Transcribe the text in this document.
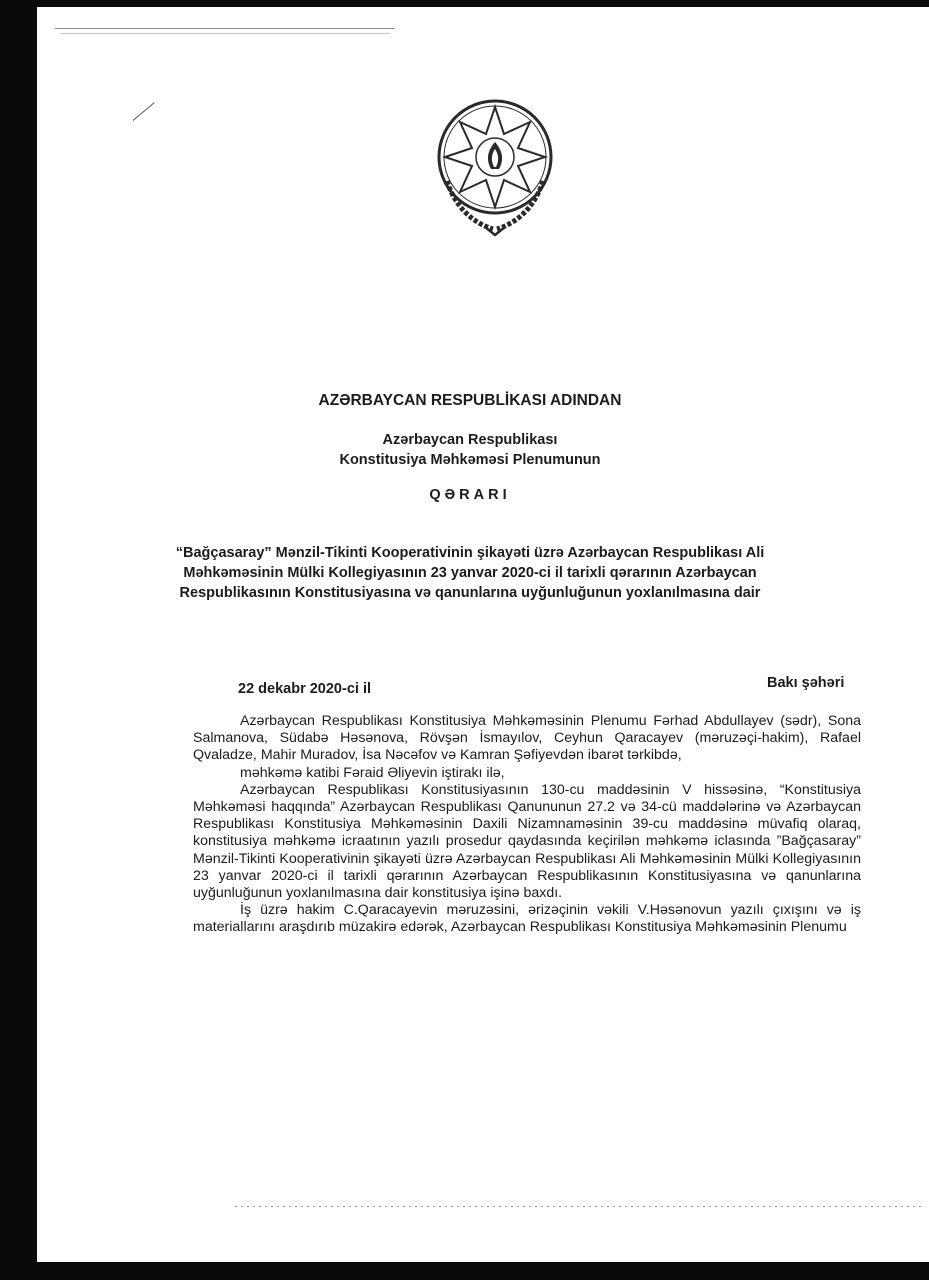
AZƏRBAYCAN RESPUBLİKASI ADINDAN
Azərbaycan Respublikası
Konstitusiya Məhkəməsi Plenumunun
QƏRARI
“Bağçasaray” Mənzil-Tikinti Kooperativinin şikayəti üzrə Azərbaycan Respublikası Ali Məhkəməsinin Mülki Kollegiyasının 23 yanvar 2020-ci il tarixli qərarının Azərbaycan Respublikasının Konstitusiyasına və qanunlarına uyğunluğunun yoxlanılmasına dair
22 dekabr 2020-ci il	Bakı şəhəri

Azərbaycan Respublikası Konstitusiya Məhkəməsinin Plenumu Fərhad Abdullayev (sədr), Sona Salmanova, Südabə Həsənova, Rövşən İsmayılov, Ceyhun Qaracayev (məruzəçi-hakim), Rafael Qvaladze, Mahir Muradov, İsa Nəcəfov və Kamran Şəfiyevdən ibarət tərkibdə,

məhkəmə katibi Fəraid Əliyevin iştirakı ilə,

Azərbaycan Respublikası Konstitusiyasının 130-cu maddəsinin V hissəsinə, “Konstitusiya Məhkəməsi haqqında” Azərbaycan Respublikası Qanununun 27.2 və 34-cü maddələrinə və Azərbaycan Respublikası Konstitusiya Məhkəməsinin Daxili Nizamnaməsinin 39-cu maddəsinə müvafiq olaraq, konstitusiya məhkəmə icraatının yazılı prosedur qaydasında keçirilən məhkəmə iclasında ”Bağçasaray” Mənzil-Tikinti Kooperativinin şikayəti üzrə Azərbaycan Respublikası Ali Məhkəməsinin Mülki Kollegiyasının 23 yanvar 2020-ci il tarixli qərarının Azərbaycan Respublikasının Konstitusiyasına və qanunlarına uyğunluğunun yoxlanılmasına dair konstitusiya işinə baxdı.

İş üzrə hakim C.Qaracayevin məruzəsini, ərizəçinin vəkili V.Həsənovun yazılı çıxışını və iş materiallarını araşdırıb müzakirə edərək, Azərbaycan Respublikası Konstitusiya Məhkəməsinin Plenumu
